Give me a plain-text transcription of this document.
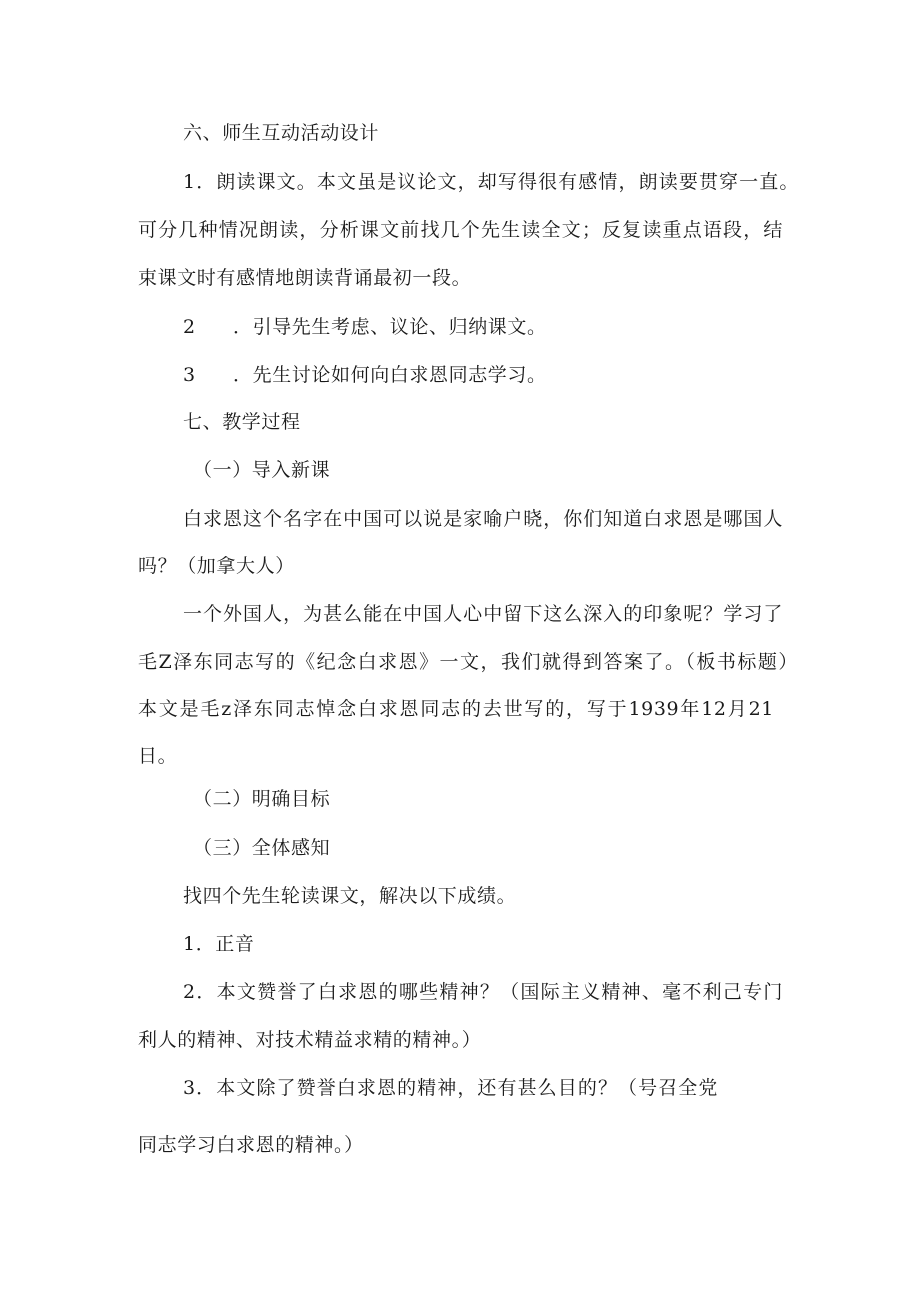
六、师生互动活动设计
1．朗读课文。本文虽是议论文，却写得很有感情，朗读要贯穿一直。
可分几种情况朗读，分析课文前找几个先生读全文；反复读重点语段，结
束课文时有感情地朗读背诵最初一段。
2 ．引导先生考虑、议论、归纳课文。
3 ．先生讨论如何向白求恩同志学习。
七、教学过程
（一）导入新课
白求恩这个名字在中国可以说是家喻户晓，你们知道白求恩是哪国人
吗？（加拿大人）
一个外国人，为甚么能在中国人心中留下这么深入的印象呢？学习了
毛Z泽东同志写的《纪念白求恩》一文，我们就得到答案了。（板书标题）
本文是毛z泽东同志悼念白求恩同志的去世写的，写于1939年12月21
日。
（二）明确目标
（三）全体感知
找四个先生轮读课文，解决以下成绩。
1．正音
2．本文赞誉了白求恩的哪些精神？（国际主义精神、毫不利己专门
利人的精神、对技术精益求精的精神。）
3．本文除了赞誉白求恩的精神，还有甚么目的？（号召全党
同志学习白求恩的精神。）
